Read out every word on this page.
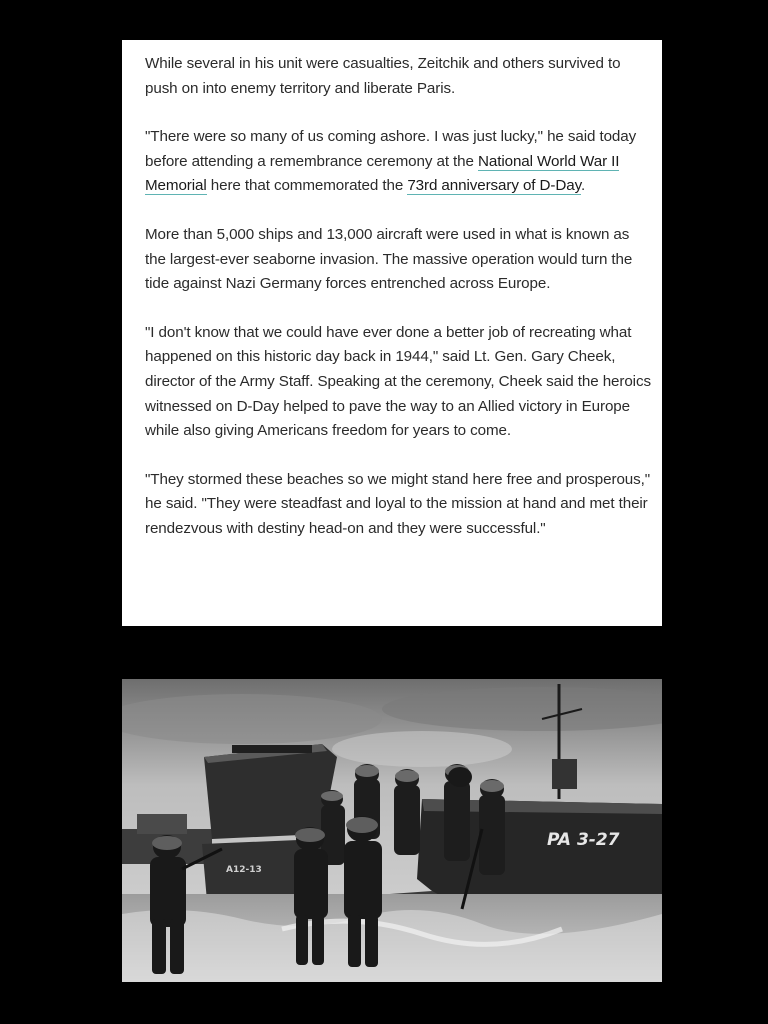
While several in his unit were casualties, Zeitchik and others survived to push on into enemy territory and liberate Paris.

"There were so many of us coming ashore. I was just lucky," he said today before attending a remembrance ceremony at the National World War II Memorial here that commemorated the 73rd anniversary of D-Day.

More than 5,000 ships and 13,000 aircraft were used in what is known as the largest-ever seaborne invasion. The massive operation would turn the tide against Nazi Germany forces entrenched across Europe.

"I don't know that we could have ever done a better job of recreating what happened on this historic day back in 1944," said Lt. Gen. Gary Cheek, director of the Army Staff. Speaking at the ceremony, Cheek said the heroics witnessed on D-Day helped to pave the way to an Allied victory in Europe while also giving Americans freedom for years to come.

"They stormed these beaches so we might stand here free and prosperous," he said. "They were steadfast and loyal to the mission at hand and met their rendezvous with destiny head-on and they were successful."

PA 3-27
A12-13
